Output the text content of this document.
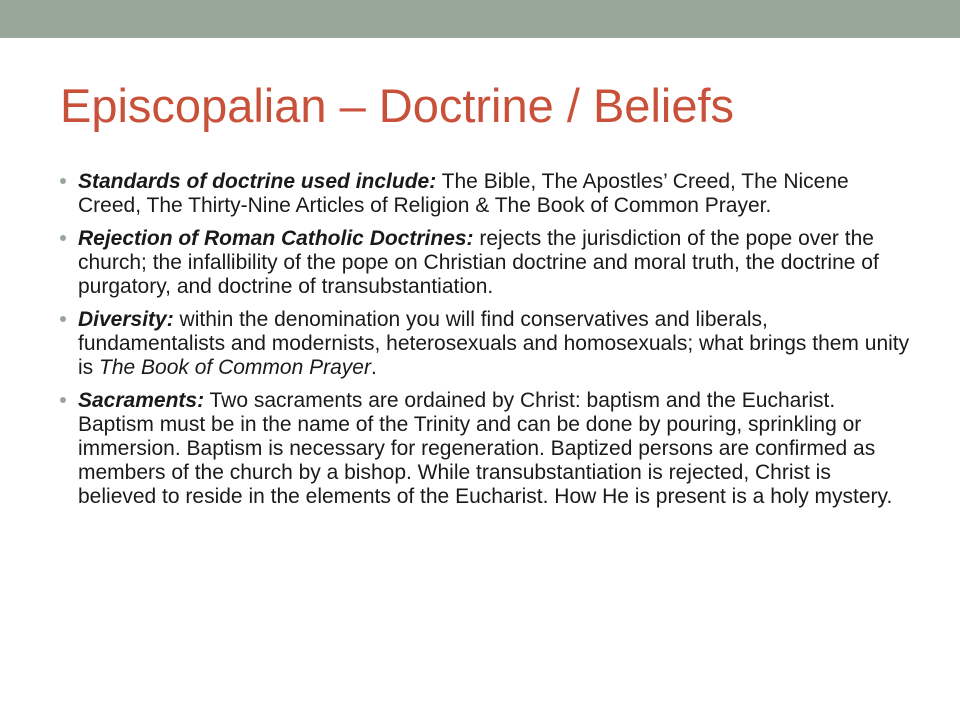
Episcopalian – Doctrine / Beliefs
Standards of doctrine used include: The Bible, The Apostles’ Creed, The Nicene Creed, The Thirty-Nine Articles of Religion & The Book of Common Prayer.
Rejection of Roman Catholic Doctrines: rejects the jurisdiction of the pope over the church; the infallibility of the pope on Christian doctrine and moral truth, the doctrine of purgatory, and doctrine of transubstantiation.
Diversity: within the denomination you will find conservatives and liberals, fundamentalists and modernists, heterosexuals and homosexuals; what brings them unity is The Book of Common Prayer.
Sacraments: Two sacraments are ordained by Christ: baptism and the Eucharist. Baptism must be in the name of the Trinity and can be done by pouring, sprinkling or immersion. Baptism is necessary for regeneration. Baptized persons are confirmed as members of the church by a bishop. While transubstantiation is rejected, Christ is believed to reside in the elements of the Eucharist. How He is present is a holy mystery.
